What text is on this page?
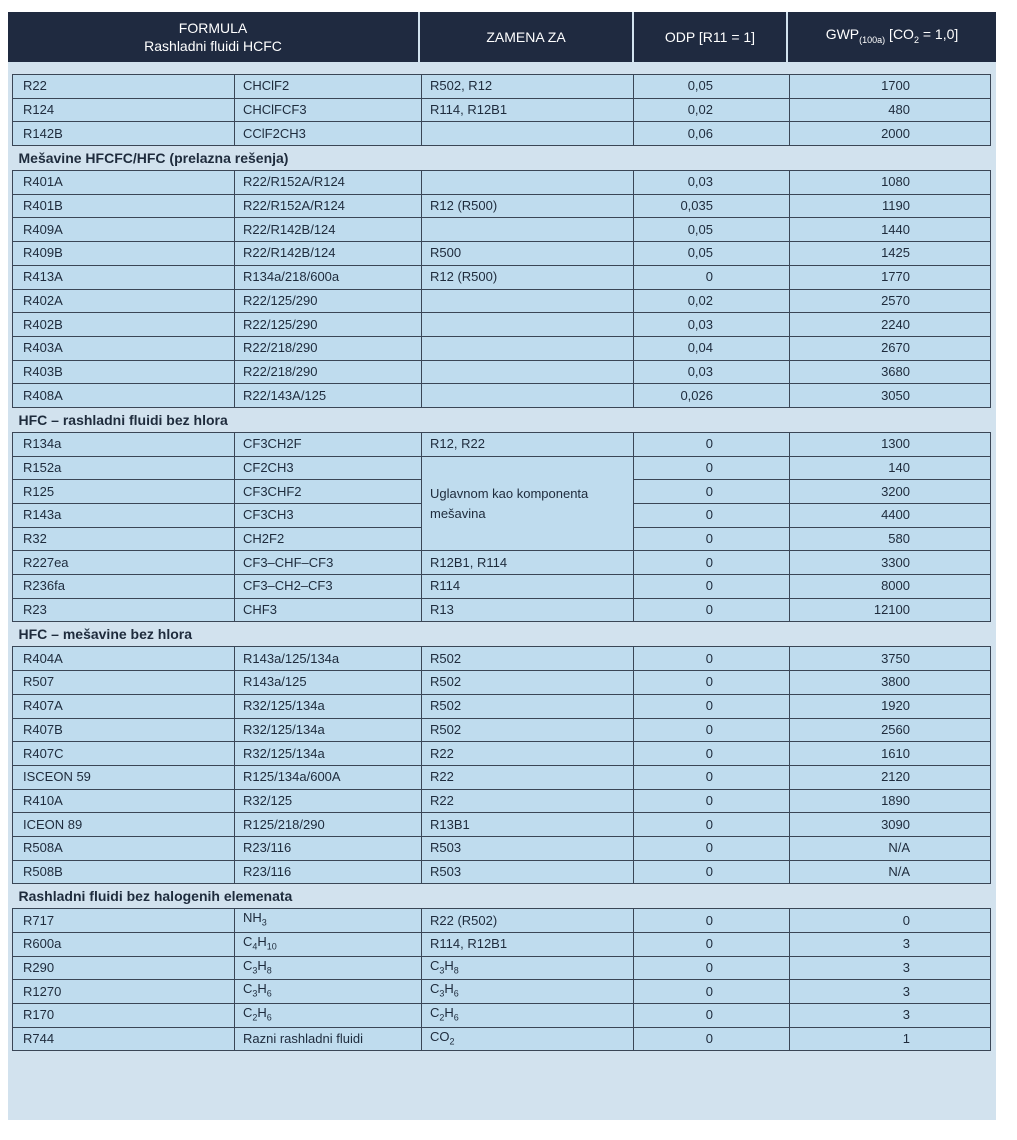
FORMULA
Rashladni fluidi HCFC
ZAMENA ZA	ODP [R11 = 1]	$GWP_{(100a)}$ $[CO_2 = 1,0]$
R22	CHClF2	R502, R12	0,05	1700
R124	CHClFCF3	R114, R12B1	0,02	480
R142B	CClF2CH3		0,06	2000
Mešavine HFCFC/HFC (prelazna rešenja)				
R401A	R22/R152A/R124		0,03	1080
R401B	R22/R152A/R124	R12 (R500)	0,035	1190
R409A	R22/R142B/124		0,05	1440
R409B	R22/R142B/124	R500	0,05	1425
R413A	R134a/218/600a	R12 (R500)	0	1770
R402A	R22/125/290		0,02	2570
R402B	R22/125/290		0,03	2240
R403A	R22/218/290		0,04	2670
R403B	R22/218/290		0,03	3680
R408A	R22/143A/125		0,026	3050
HFC – rashladni fluidi bez hlora				
R134a	CF3CH2F	R12, R22	0	1300
R152a	CF2CH3	Uglavnom kao komponenta mešavina	0	140
R125	CF3CHF2		0	3200
R143a	CF3CH3		0	4400
R32	CH2F2		0	580
R227ea	CF3–CHF–CF3	R12B1, R114	0	3300
R236fa	CF3–CH2–CF3	R114	0	8000
R23	CHF3	R13	0	12100
HFC – mešavine bez hlora				
R404A	R143a/125/134a	R502	0	3750
R507	R143a/125	R502	0	3800
R407A	R32/125/134a	R502	0	1920
R407B	R32/125/134a	R502	0	2560
R407C	R32/125/134a	R22	0	1610
ISCEON 59	R125/134a/600A	R22	0	2120
R410A	R32/125	R22	0	1890
ICEON 89	R125/218/290	R13B1	0	3090
R508A	R23/116	R503	0	N/A
R508B	R23/116	R503	0	N/A
Rashladni fluidi bez halogenih elemenata				
R717	$NH_3$	R22 (R502)	0	0
R600a	$C_4H_{10}$	R114, R12B1	0	3
R290	$C_3H_8$	$C_3H_8$	0	3
R1270	$C_3H_6$	$C_3H_6$	0	3
R170	$C_2H_6$	$C_2H_6$	0	3
R744	Razni rashladni fluidi	$CO_2$	0	1
